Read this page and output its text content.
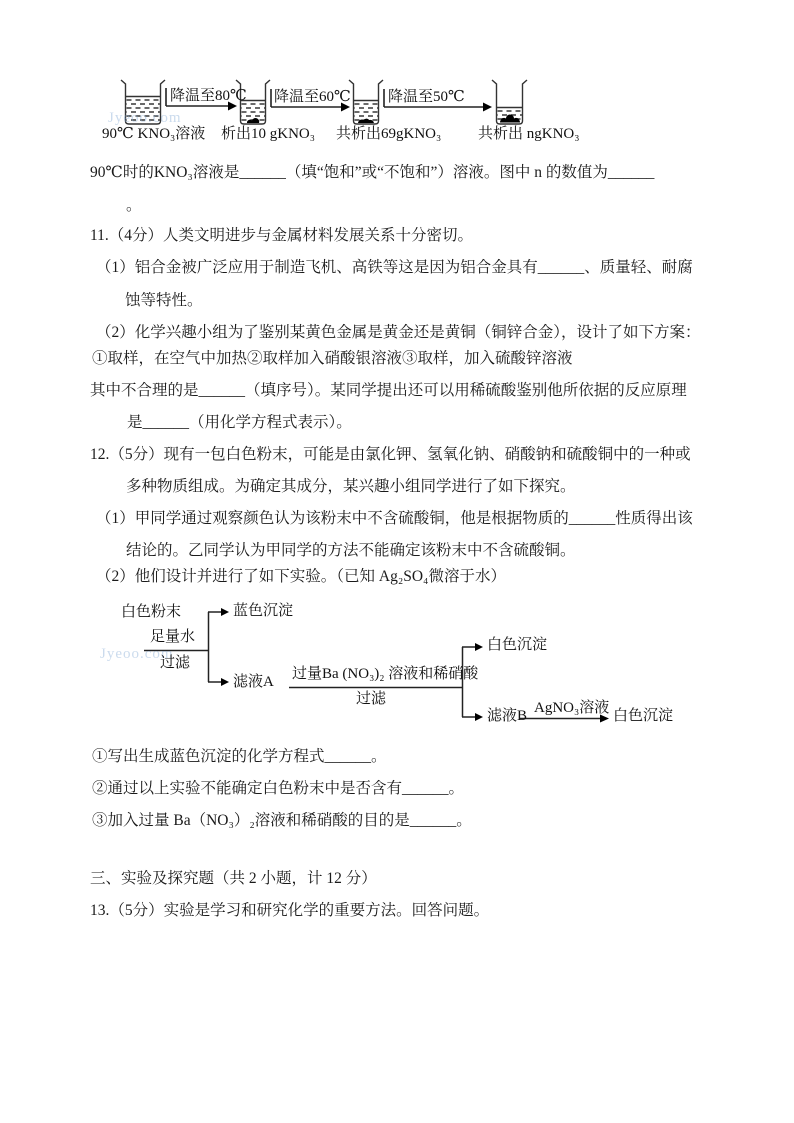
Jyeoo.com
Jyeoo.com
90℃ KNO₃溶液 析出10 gKNO₃ 共析出69gKNO₃ 共析出 ngKNO₃
降温至80℃ 降温至60℃ 降温至50℃
90℃时的KNO₃溶液是______（填“饱和”或“不饱和”）溶液。图中 n 的数值为______
。
11.（4分）人类文明进步与金属材料发展关系十分密切。
（1）铝合金被广泛应用于制造飞机、高铁等这是因为铝合金具有______、质量轻、耐腐
蚀等特性。
（2）化学兴趣小组为了鉴别某黄色金属是黄金还是黄铜（铜锌合金），设计了如下方案：
①取样，在空气中加热②取样加入硝酸银溶液③取样，加入硫酸锌溶液
其中不合理的是______（填序号）。某同学提出还可以用稀硫酸鉴别他所依据的反应原理
是______（用化学方程式表示）。
12.（5分）现有一包白色粉末，可能是由氯化钾、氢氧化钠、硝酸钠和硫酸铜中的一种或
多种物质组成。为确定其成分，某兴趣小组同学进行了如下探究。
（1）甲同学通过观察颜色认为该粉末中不含硫酸铜，他是根据物质的______性质得出该
结论的。乙同学认为甲同学的方法不能确定该粉末中不含硫酸铜。
（2）他们设计并进行了如下实验。（已知 Ag₂SO₄微溶于水）
白色粉末
足量水
过滤
蓝色沉淀
滤液A 过量Ba (NO₃)₂ 溶液和稀硝酸
过滤
白色沉淀
滤液B AgNO₃溶液 白色沉淀
①写出生成蓝色沉淀的化学方程式______。
②通过以上实验不能确定白色粉末中是否含有______。
③加入过量 Ba（NO₃）₂溶液和稀硝酸的目的是______。
三、实验及探究题（共 2 小题，计 12 分）
13.（5分）实验是学习和研究化学的重要方法。回答问题。
